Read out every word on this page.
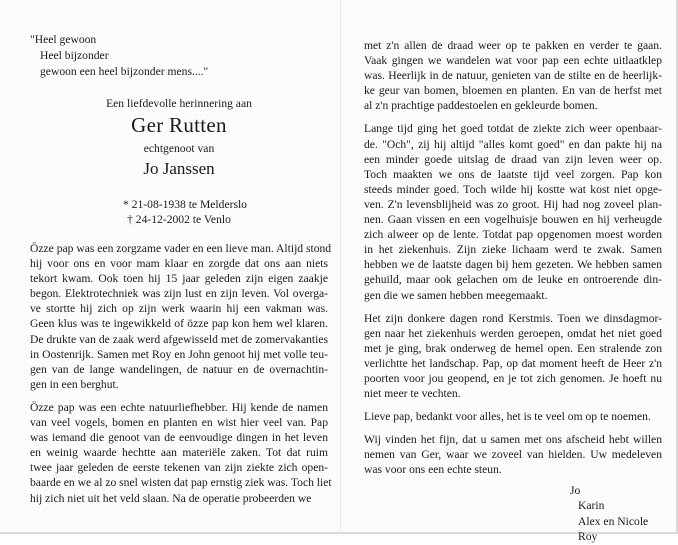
"Heel gewoon
Heel bijzonder
gewoon een heel bijzonder mens...."
Een liefdevolle herinnering aan
Ger Rutten
echtgenoot van
Jo Janssen
* 21-08-1938 te Melderslo
† 24-12-2002 te Venlo
Özze pap was een zorgzame vader en een lieve man. Altijd stond
hij voor ons en voor mam klaar en zorgde dat ons aan niets
tekort kwam. Ook toen hij 15 jaar geleden zijn eigen zaakje
begon. Elektrotechniek was zijn lust en zijn leven. Vol overga-
ve stortte hij zich op zijn werk waarin hij een vakman was.
Geen klus was te ingewikkeld of özze pap kon hem wel klaren.
De drukte van de zaak werd afgewisseld met de zomervakanties
in Oostenrijk. Samen met Roy en John genoot hij met volle teu-
gen van de lange wandelingen, de natuur en de overnachtin-
gen in een berghut.
Özze pap was een echte natuurliefhebber. Hij kende de namen
van veel vogels, bomen en planten en wist hier veel van. Pap
was iemand die genoot van de eenvoudige dingen in het leven
en weinig waarde hechtte aan materiële zaken. Tot dat ruim
twee jaar geleden de eerste tekenen van zijn ziekte zich open-
baarde en we al zo snel wisten dat pap ernstig ziek was. Toch liet
hij zich niet uit het veld slaan. Na de operatie probeerden we
met z'n allen de draad weer op te pakken en verder te gaan.
Vaak gingen we wandelen wat voor pap een echte uitlaatklep
was. Heerlijk in de natuur, genieten van de stilte en de heerlijk-
ke geur van bomen, bloemen en planten. En van de herfst met
al z'n prachtige paddestoelen en gekleurde bomen.
Lange tijd ging het goed totdat de ziekte zich weer openbaar-
de. "Och", zij hij altijd "alles komt goed" en dan pakte hij na
een minder goede uitslag de draad van zijn leven weer op.
Toch maakten we ons de laatste tijd veel zorgen. Pap kon
steeds minder goed. Toch wilde hij kostte wat kost niet opge-
ven. Z'n levensblijheid was zo groot. Hij had nog zoveel plan-
nen. Gaan vissen en een vogelhuisje bouwen en hij verheugde
zich alweer op de lente. Totdat pap opgenomen moest worden
in het ziekenhuis. Zijn zieke lichaam werd te zwak. Samen
hebben we de laatste dagen bij hem gezeten. We hebben samen
gehuild, maar ook gelachen om de leuke en ontroerende din-
gen die we samen hebben meegemaakt.
Het zijn donkere dagen rond Kerstmis. Toen we dinsdagmor-
gen naar het ziekenhuis werden geroepen, omdat het niet goed
met je ging, brak onderweg de hemel open. Een stralende zon
verlichtte het landschap. Pap, op dat moment heeft de Heer z'n
poorten voor jou geopend, en je tot zich genomen. Je hoeft nu
niet meer te vechten.
Lieve pap, bedankt voor alles, het is te veel om op te noemen.
Wij vinden het fijn, dat u samen met ons afscheid hebt willen
nemen van Ger, waar we zoveel van hielden. Uw medeleven
was voor ons een echte steun.
Jo
Karin
Alex en Nicole
Roy
